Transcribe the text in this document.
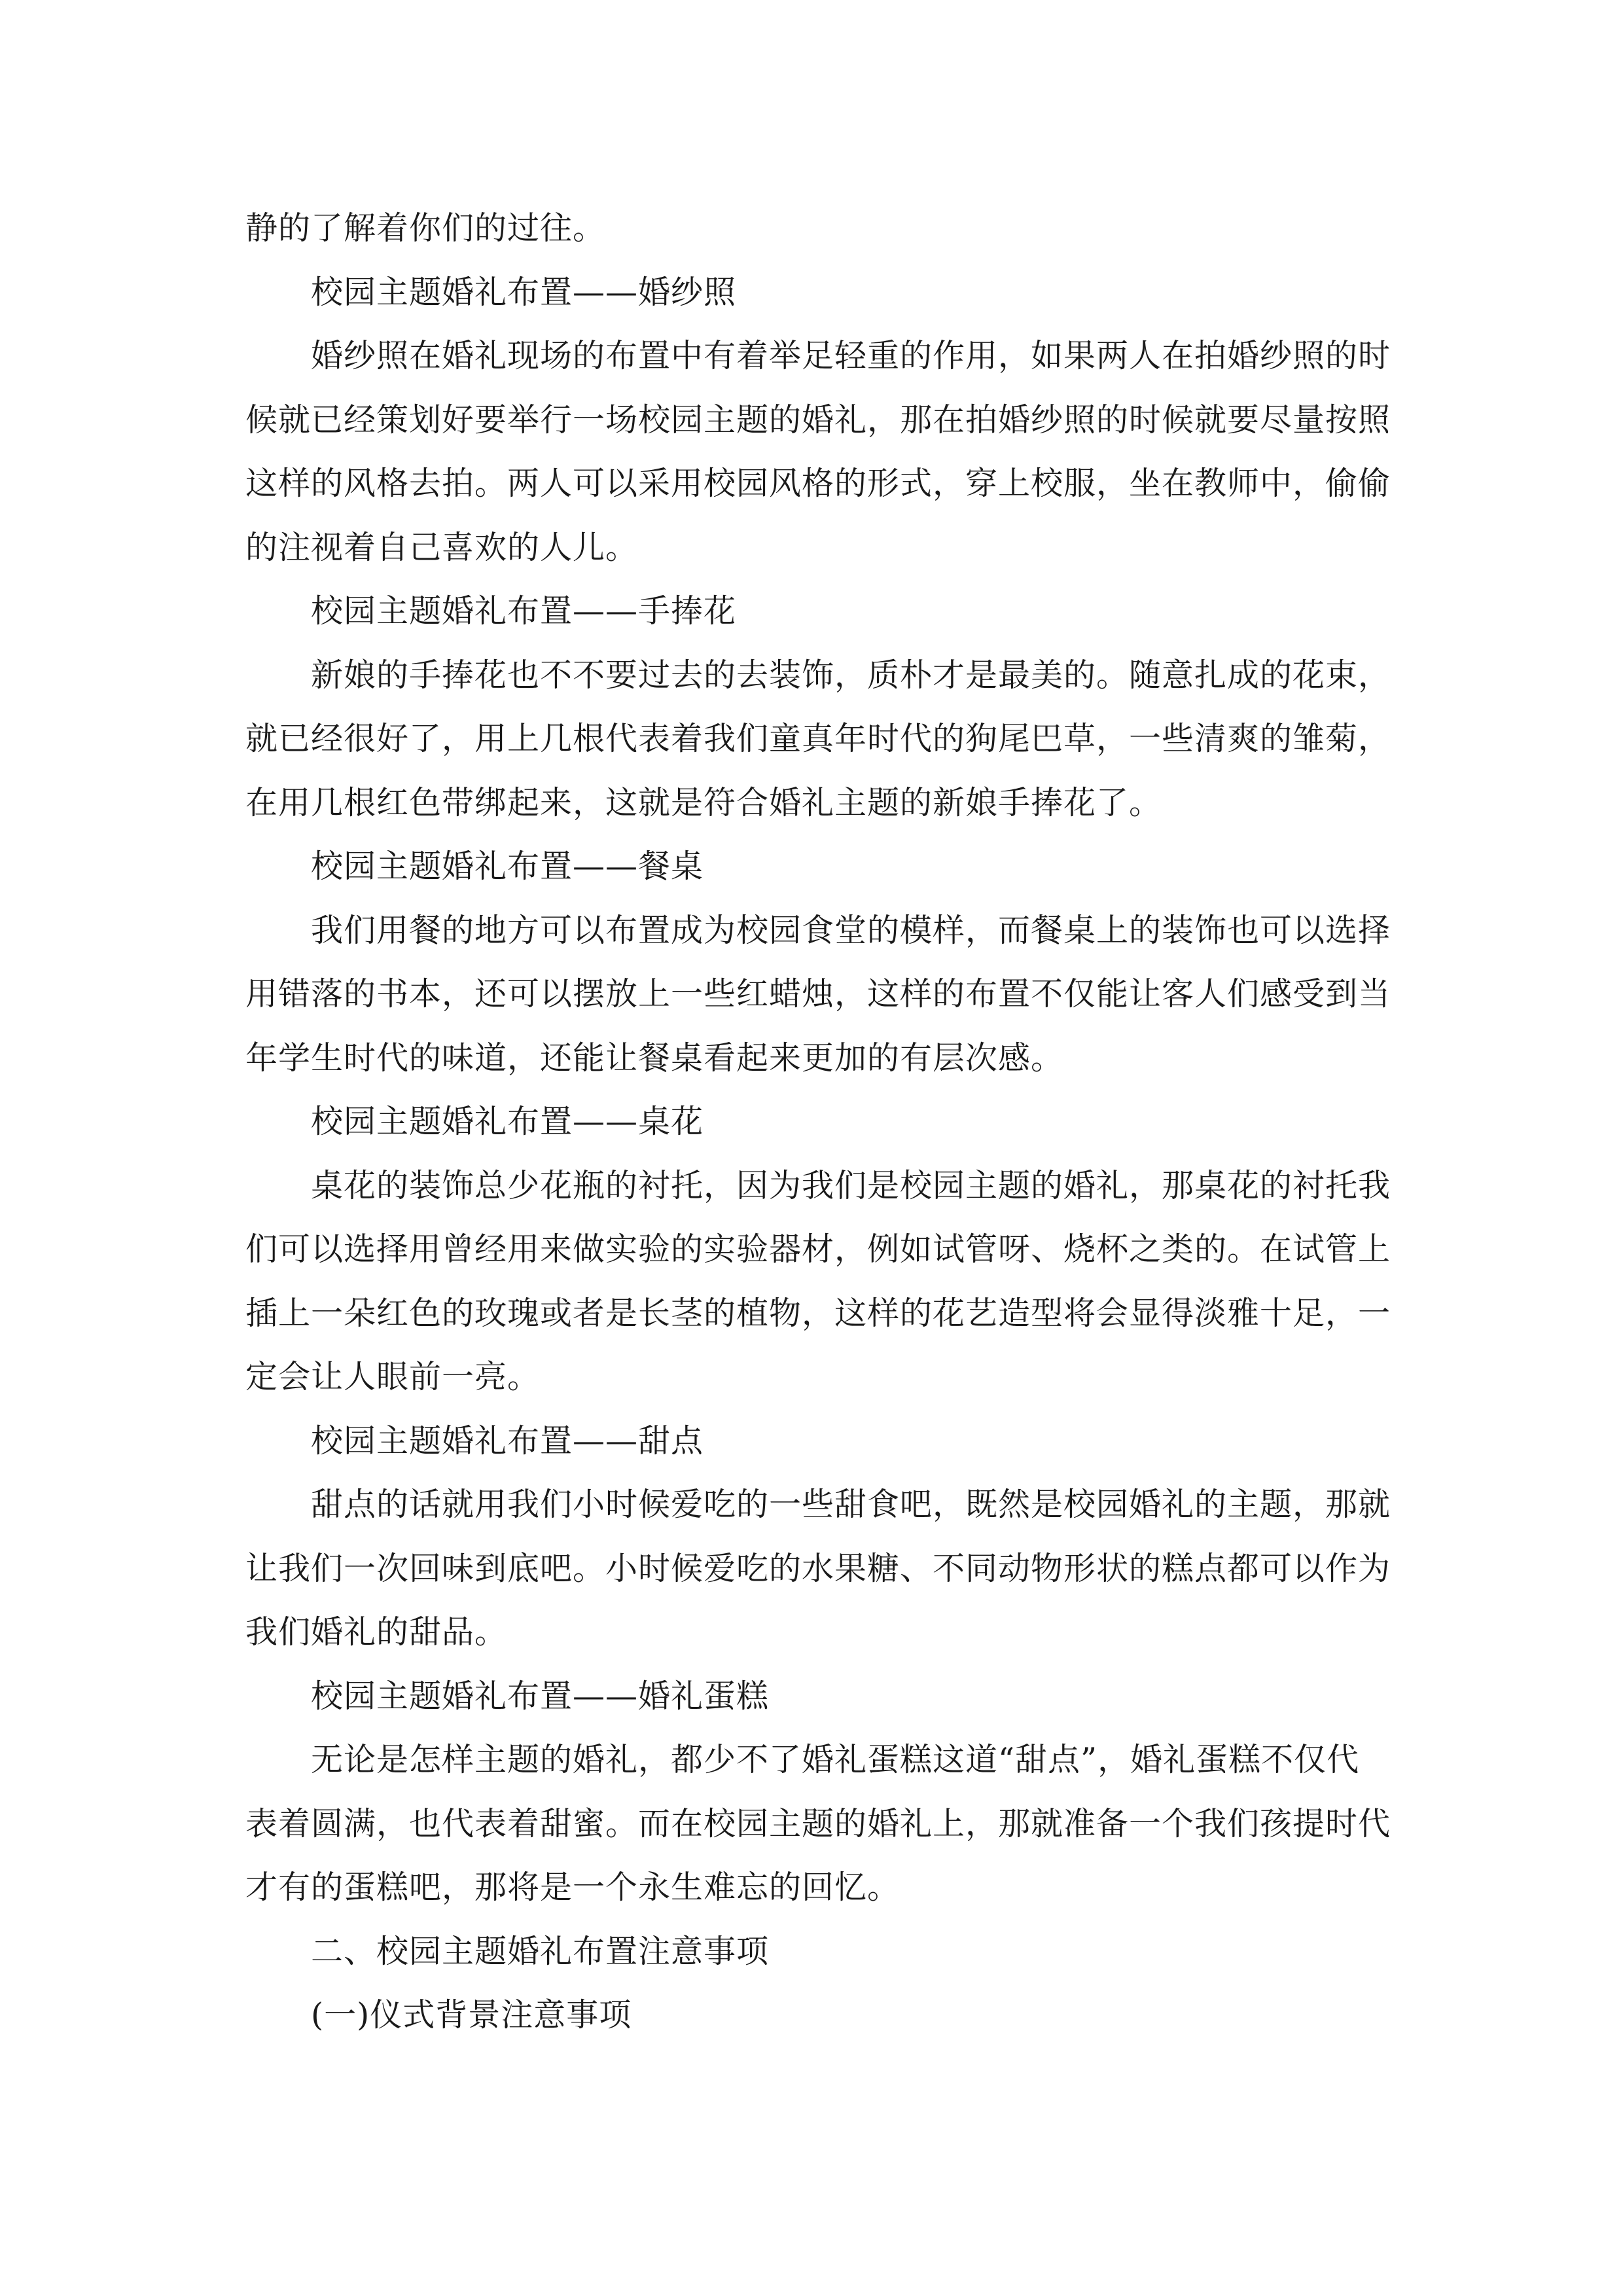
静的了解着你们的过往。
校园主题婚礼布置——婚纱照
婚纱照在婚礼现场的布置中有着举足轻重的作用，如果两人在拍婚纱照的时
候就已经策划好要举行一场校园主题的婚礼，那在拍婚纱照的时候就要尽量按照
这样的风格去拍。两人可以采用校园风格的形式，穿上校服，坐在教师中，偷偷
的注视着自己喜欢的人儿。
校园主题婚礼布置——手捧花
新娘的手捧花也不不要过去的去装饰，质朴才是最美的。随意扎成的花束，
就已经很好了，用上几根代表着我们童真年时代的狗尾巴草，一些清爽的雏菊，
在用几根红色带绑起来，这就是符合婚礼主题的新娘手捧花了。
校园主题婚礼布置——餐桌
我们用餐的地方可以布置成为校园食堂的模样，而餐桌上的装饰也可以选择
用错落的书本，还可以摆放上一些红蜡烛，这样的布置不仅能让客人们感受到当
年学生时代的味道，还能让餐桌看起来更加的有层次感。
校园主题婚礼布置——桌花
桌花的装饰总少花瓶的衬托，因为我们是校园主题的婚礼，那桌花的衬托我
们可以选择用曾经用来做实验的实验器材，例如试管呀、烧杯之类的。在试管上
插上一朵红色的玫瑰或者是长茎的植物，这样的花艺造型将会显得淡雅十足，一
定会让人眼前一亮。
校园主题婚礼布置——甜点
甜点的话就用我们小时候爱吃的一些甜食吧，既然是校园婚礼的主题，那就
让我们一次回味到底吧。小时候爱吃的水果糖、不同动物形状的糕点都可以作为
我们婚礼的甜品。
校园主题婚礼布置——婚礼蛋糕
无论是怎样主题的婚礼，都少不了婚礼蛋糕这道“甜点”，婚礼蛋糕不仅代
表着圆满，也代表着甜蜜。而在校园主题的婚礼上，那就准备一个我们孩提时代
才有的蛋糕吧，那将是一个永生难忘的回忆。
二、校园主题婚礼布置注意事项
(一)仪式背景注意事项
